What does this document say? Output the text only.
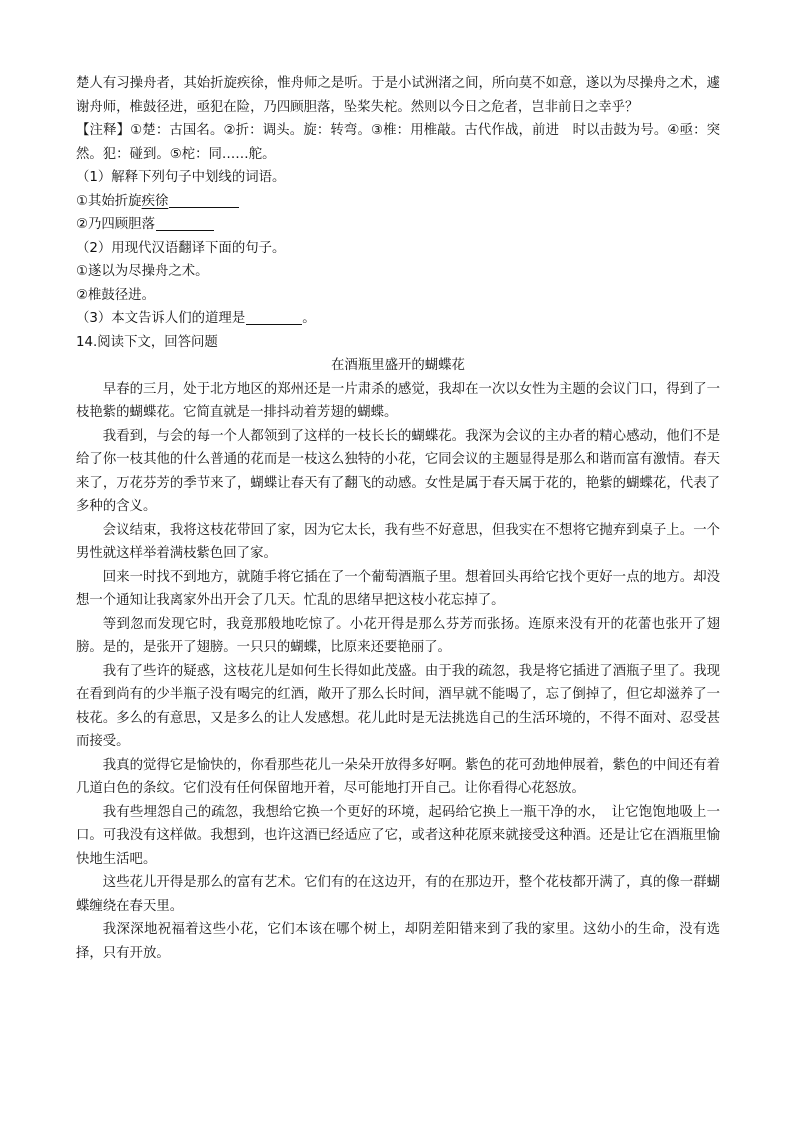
楚人有习操舟者，其始折旋疾徐，惟舟师之是听。于是小试洲渚之间，所向莫不如意，遂以为尽操舟之术，遽谢舟师，椎鼓径进，亟犯在险，乃四顾胆落，坠桨失柁。然则以今日之危者，岂非前日之幸乎？

【注释】①楚：古国名。②折：调头。旋：转弯。③椎：用椎敲。古代作战，前进　时以击鼓为号。④亟：突然。犯：碰到。⑤柁：同……舵。

（1）解释下列句子中划线的词语。

①其始折旋疾徐

②乃四顾胆落

（2）用现代汉语翻译下面的句子。

①遂以为尽操舟之术。

②椎鼓径进。

（3）本文告诉人们的道理是	。

14.阅读下文，回答问题

在酒瓶里盛开的蝴蝶花

早春的三月，处于北方地区的郑州还是一片肃杀的感觉，我却在一次以女性为主题的会议门口，得到了一枝艳紫的蝴蝶花。它简直就是一排抖动着芳翅的蝴蝶。

我看到，与会的每一个人都领到了这样的一枝长长的蝴蝶花。我深为会议的主办者的精心感动，他们不是给了你一枝其他的什么普通的花而是一枝这么独特的小花，它同会议的主题显得是那么和谐而富有激情。春天来了，万花芬芳的季节来了，蝴蝶让春天有了翻飞的动感。女性是属于春天属于花的，艳紫的蝴蝶花，代表了多种的含义。

会议结束，我将这枝花带回了家，因为它太长，我有些不好意思，但我实在不想将它抛弃到桌子上。一个男性就这样举着满枝紫色回了家。

回来一时找不到地方，就随手将它插在了一个葡萄酒瓶子里。想着回头再给它找个更好一点的地方。却没想一个通知让我离家外出开会了几天。忙乱的思绪早把这枝小花忘掉了。

等到忽而发现它时，我竟那般地吃惊了。小花开得是那么芬芳而张扬。连原来没有开的花蕾也张开了翅膀。是的，是张开了翅膀。一只只的蝴蝶，比原来还要艳丽了。

我有了些许的疑惑，这枝花儿是如何生长得如此茂盛。由于我的疏忽，我是将它插进了酒瓶子里了。我现在看到尚有的少半瓶子没有喝完的红酒，敞开了那么长时间，酒早就不能喝了，忘了倒掉了，但它却滋养了一枝花。多么的有意思，又是多么的让人发感想。花儿此时是无法挑选自己的生活环境的，不得不面对、忍受甚而接受。

我真的觉得它是愉快的，你看那些花儿一朵朵开放得多好啊。紫色的花可劲地伸展着，紫色的中间还有着几道白色的条纹。它们没有任何保留地开着，尽可能地打开自己。让你看得心花怒放。

我有些埋怨自己的疏忽，我想给它换一个更好的环境，起码给它换上一瓶干净的水，　让它饱饱地吸上一口。可我没有这样做。我想到，也许这酒已经适应了它，或者这种花原来就接受这种酒。还是让它在酒瓶里愉快地生活吧。

这些花儿开得是那么的富有艺术。它们有的在这边开，有的在那边开，整个花枝都开满了，真的像一群蝴蝶缠绕在春天里。

我深深地祝福着这些小花，它们本该在哪个树上，却阴差阳错来到了我的家里。这幼小的生命，没有选择，只有开放。
